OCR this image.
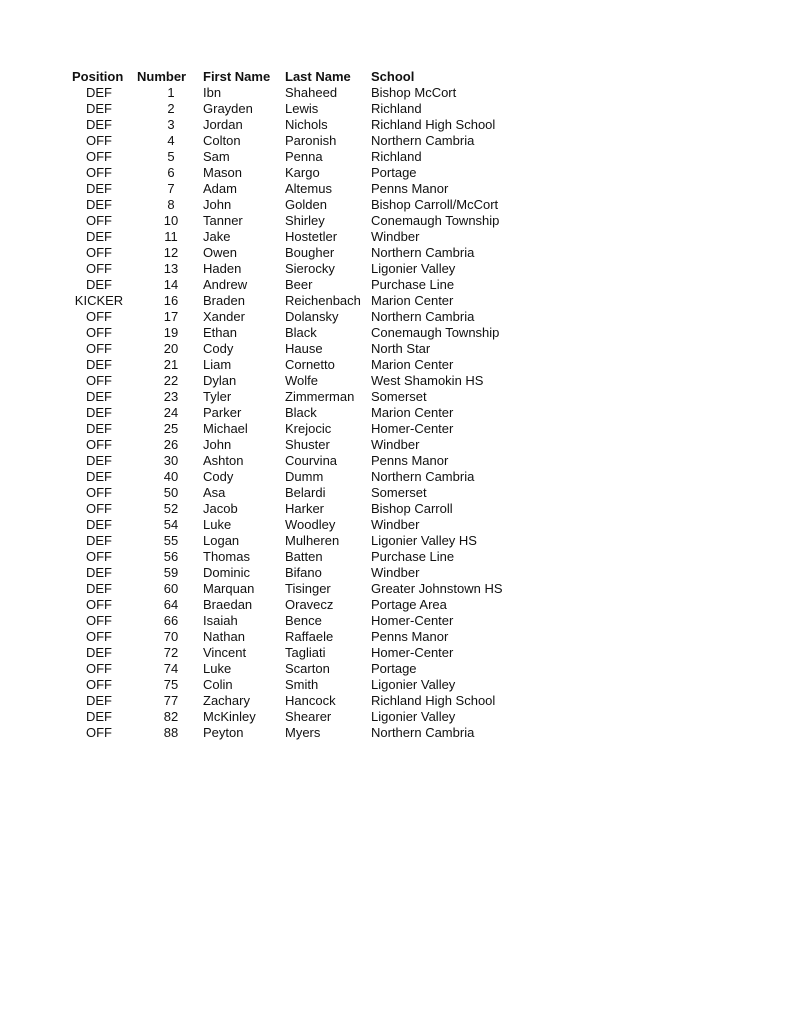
Position	Number	First Name	Last Name	School
DEF	1	Ibn	Shaheed	Bishop McCort
DEF	2	Grayden	Lewis	Richland
DEF	3	Jordan	Nichols	Richland High School
OFF	4	Colton	Paronish	Northern Cambria
OFF	5	Sam	Penna	Richland
OFF	6	Mason	Kargo	Portage
DEF	7	Adam	Altemus	Penns Manor
DEF	8	John	Golden	Bishop Carroll/McCort
OFF	10	Tanner	Shirley	Conemaugh Township
DEF	11	Jake	Hostetler	Windber
OFF	12	Owen	Bougher	Northern Cambria
OFF	13	Haden	Sierocky	Ligonier Valley
DEF	14	Andrew	Beer	Purchase Line
KICKER	16	Braden	Reichenbach	Marion Center
OFF	17	Xander	Dolansky	Northern Cambria
OFF	19	Ethan	Black	Conemaugh Township
OFF	20	Cody	Hause	North Star
DEF	21	Liam	Cornetto	Marion Center
OFF	22	Dylan	Wolfe	West Shamokin HS
DEF	23	Tyler	Zimmerman	Somerset
DEF	24	Parker	Black	Marion Center
DEF	25	Michael	Krejocic	Homer-Center
OFF	26	John	Shuster	Windber
DEF	30	Ashton	Courvina	Penns Manor
DEF	40	Cody	Dumm	Northern Cambria
OFF	50	Asa	Belardi	Somerset
OFF	52	Jacob	Harker	Bishop Carroll
DEF	54	Luke	Woodley	Windber
DEF	55	Logan	Mulheren	Ligonier Valley HS
OFF	56	Thomas	Batten	Purchase Line
DEF	59	Dominic	Bifano	Windber
DEF	60	Marquan	Tisinger	Greater Johnstown HS
OFF	64	Braedan	Oravecz	Portage Area
OFF	66	Isaiah	Bence	Homer-Center
OFF	70	Nathan	Raffaele	Penns Manor
DEF	72	Vincent	Tagliati	Homer-Center
OFF	74	Luke	Scarton	Portage
OFF	75	Colin	Smith	Ligonier Valley
DEF	77	Zachary	Hancock	Richland High School
DEF	82	McKinley	Shearer	Ligonier Valley
OFF	88	Peyton	Myers	Northern Cambria
